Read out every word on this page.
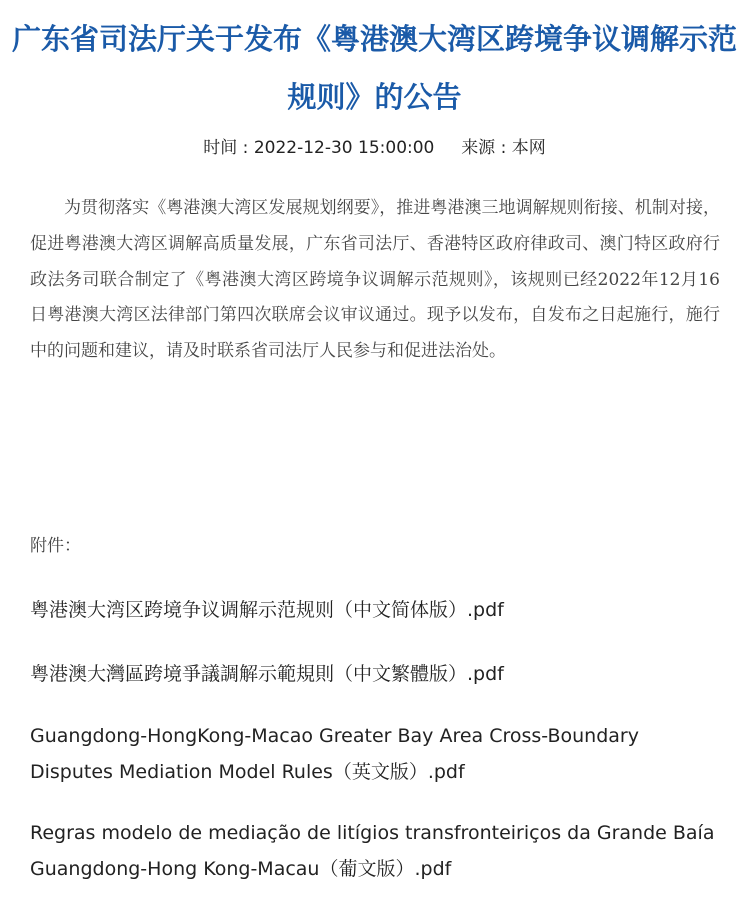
广东省司法厅关于发布《粤港澳大湾区跨境争议调解示范规则》的公告
时间 : 2022-12-30 15:00:00 来源 : 本网

为贯彻落实《粤港澳大湾区发展规划纲要》，推进粤港澳三地调解规则衔接、机制对接，促进粤港澳大湾区调解高质量发展，广东省司法厅、香港特区政府律政司、澳门特区政府行政法务司联合制定了《粤港澳大湾区跨境争议调解示范规则》，该规则已经2022年12月16日粤港澳大湾区法律部门第四次联席会议审议通过。现予以发布，自发布之日起施行，施行中的问题和建议，请及时联系省司法厅人民参与和促进法治处。

附件：
粤港澳大湾区跨境争议调解示范规则（中文简体版）.pdf
粤港澳大灣區跨境爭議調解示範規則（中文繁體版）.pdf
Guangdong-HongKong-Macao Greater Bay Area Cross-Boundary Disputes Mediation Model Rules（英文版）.pdf
Regras modelo de mediação de litígios transfronteiriços da Grande Baía Guangdong-Hong Kong-Macau（葡文版）.pdf
